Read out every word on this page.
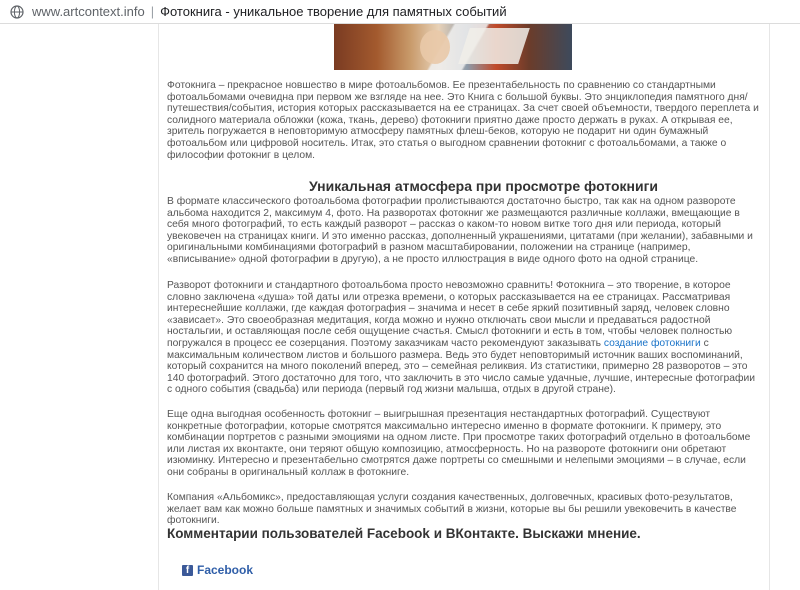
www.artcontext.info | Фотокнига - уникальное творение для памятных событий

Фотокнига – прекрасное новшество в мире фотоальбомов. Ее презентабельность по сравнению со стандартными фотоальбомами очевидна при первом же взгляде на нее. Это Книга с большой буквы. Это энциклопедия памятного дня/путешествия/события, история которых рассказывается на ее страницах. За счет своей объемности, твердого переплета и солидного материала обложки (кожа, ткань, дерево) фотокниги приятно даже просто держать в руках. А открывая ее, зритель погружается в неповторимую атмосферу памятных флеш-беков, которую не подарит ни один бумажный фотоальбом или цифровой носитель. Итак, это статья о выгодном сравнении фотокниг с фотоальбомами, а также о философии фотокниг в целом.

Уникальная атмосфера при просмотре фотокниги

В формате классического фотоальбома фотографии пролистываются достаточно быстро, так как на одном развороте альбома находится 2, максимум 4, фото. На разворотах фотокниг же размещаются различные коллажи, вмещающие в себя много фотографий, то есть каждый разворот – рассказ о каком-то новом витке того дня или периода, который увековечен на страницах книги. И это именно рассказ, дополненный украшениями, цитатами (при желании), забавными и оригинальными комбинациями фотографий в разном масштабировании, положении на странице (например, «вписывание» одной фотографии в другую), а не просто иллюстрация в виде одного фото на одной странице.

Разворот фотокниги и стандартного фотоальбома просто невозможно сравнить! Фотокнига – это творение, в которое словно заключена «душа» той даты или отрезка времени, о которых рассказывается на ее страницах. Рассматривая интереснейшие коллажи, где каждая фотография – значима и несет в себе яркий позитивный заряд, человек словно «зависает». Это своеобразная медитация, когда можно и нужно отключать свои мысли и предаваться радостной ностальгии, и оставляющая после себя ощущение счастья. Смысл фотокниги и есть в том, чтобы человек полностью погружался в процесс ее созерцания. Поэтому заказчикам часто рекомендуют заказывать создание фотокниги с максимальным количеством листов и большого размера. Ведь это будет неповторимый источник ваших воспоминаний, который сохранится на много поколений вперед, это – семейная реликвия. Из статистики, примерно 28 разворотов – это 140 фотографий. Этого достаточно для того, что заключить в это число самые удачные, лучшие, интересные фотографии с одного события (свадьба) или периода (первый год жизни малыша, отдых в другой стране).

Еще одна выгодная особенность фотокниг – выигрышная презентация нестандартных фотографий. Существуют конкретные фотографии, которые смотрятся максимально интересно именно в формате фотокниги. К примеру, это комбинации портретов с разными эмоциями на одном листе. При просмотре таких фотографий отдельно в фотоальбоме или листая их вконтакте, они теряют общую композицию, атмосферность. Но на развороте фотокниги они обретают изюминку. Интересно и презентабельно смотрятся даже портреты со смешными и нелепыми эмоциями – в случае, если они собраны в оригинальный коллаж в фотокниге.

Компания «Альбомикс», предоставляющая услуги создания качественных, долговечных, красивых фото-результатов, желает вам как можно больше памятных и значимых событий в жизни, которые вы бы решили увековечить в качестве фотокниги.

Комментарии пользователей Facebook и ВКонтакте. Выскажи мнение.
f Facebook
